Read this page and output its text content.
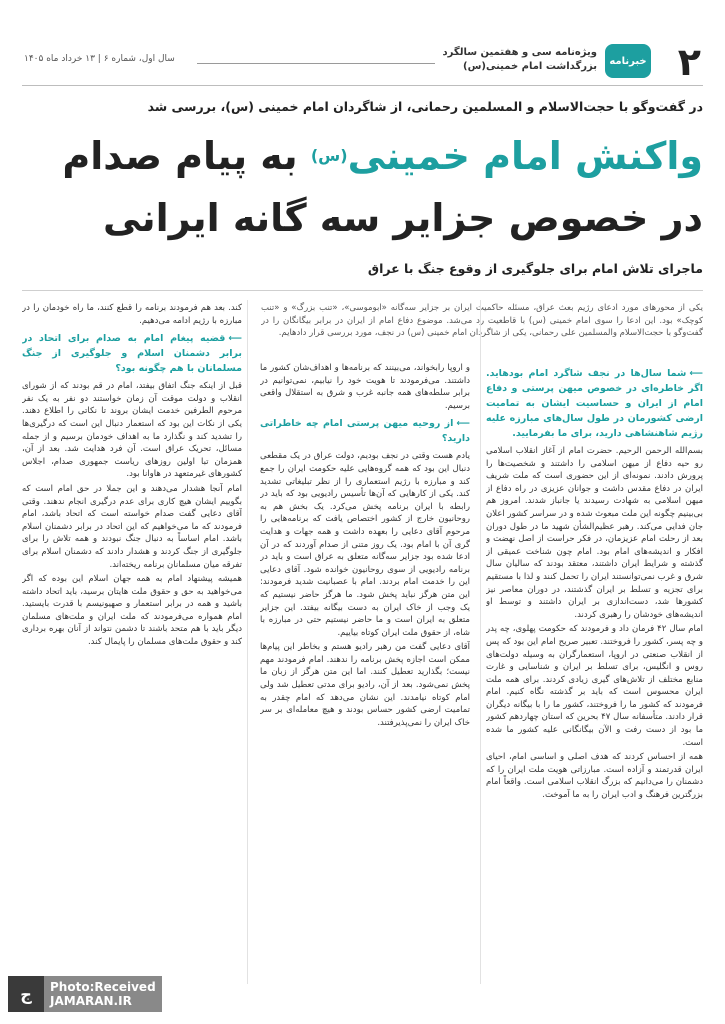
۲
خبرنامه
ویژه‌نامه سی و هفتمین سالگرد
بزرگداشت امام خمینی(س)
سال اول، شماره ۶ | ۱۳ خرداد ماه ۱۴۰۵
در گفت‌وگو با حجت‌الاسلام و المسلمین رحمانی، از شاگردان امام خمینی (س)، بررسی شد
واکنش امام خمینی$^{(س)}$ به پیام صدام
در خصوص جزایر سه گانه ایرانی
ماجرای تلاش امام برای جلوگیری از وقوع جنگ با عراق
یکی از محورهای مورد ادعای رژیم بعث عراق، مسئله حاکمیت ایران بر جزایر سه‌گانه «ابوموسی»، «تنب بزرگ» و «تنب کوچک» بود. این ادعا را سوی امام خمینی (س) با قاطعیت رد می‌شد. موضوع دفاع امام از ایران در برابر بیگانگان را در گفت‌وگو با حجت‌الاسلام والمسلمین علی رحمانی، یکی از شاگردان امام خمینی (س) در نجف، مورد بررسی قرار دادهایم.
⟵شما سال‌ها در نجف شاگرد امام بودهاید. اگر خاطره‌ای در خصوص میهن پرستی و دفاع امام از ایران و حساسیت ایشان به تمامیت ارضی کشورمان در طول سال‌های مبارزه علیه رژیم شاهنشاهی دارید، برای ما بفرمایید.

بسم‌الله الرحمن الرحیم. حضرت امام از آغاز انقلاب اسلامی رو حیه دفاع از میهن اسلامی را داشتند و شخصیت‌ها را پرورش دادند. نمونه‌ای از این حضوری است که ملت شریف ایران در دفاع مقدس داشت و جوانان عزیزی در راه دفاع از میهن اسلامی به شهادت رسیدند یا جانباز شدند. امروز هم بی‌بینیم چگونه این ملت مبعوث شده و در سراسر کشور اعلان جان فدایی می‌کند. رهبر عظیم‌الشأن شهید ما در طول دوران بعد از رحلت امام عزیزمان، در فکر حراست از اصل نهضت و افکار و اندیشه‌های امام بود. امام چون شناخت عمیقی از گذشته و شرایط ایران داشتند، معتقد بودند که سالیان سال شرق و غرب نمی‌توانستند ایران را تحمل کنند و لذا با مستقیم برای تجزیه و تسلط بر ایران گذشتند، در دوران معاصر نیز کشورها شد، دست‌اندازی بر ایران داشتند و توسط او اندیشه‌های خودشان را رهبری کردند.

امام سال ۴۲ فرمان داد و فرمودند که حکومت پهلوی، چه پدر و چه پسر، کشور را فروختند. تعبیر صریح امام این بود که پس از انقلاب صنعتی در اروپا، استعمارگران به وسیله دولت‌های روس و انگلیس، برای تسلط بر ایران و شناسایی و غارت منابع مختلف از تلاش‌های گیری زیادی کردند. برای همه ملت ایران محسوس است که باید بر گذشته نگاه کنیم. امام فرمودند که کشور ما را فروختند، کشور ما را با بیگانه دیگران قرار دادند. متأسفانه سال ۴۷ بحرین که استان چهاردهم کشور ما بود از دست رفت و الآن بیگانگانی علیه کشور ما شده است.

همه از احساس کردند که هدف اصلی و اساسی امام، احیای ایران قدرتمند و آزاده است. مبارزاتی هویت ملت ایران را که دشمنان را می‌دانیم که بزرگ انقلاب اسلامی است. واقعاً امام بزرگترین فرهنگ و ادب ایران را به ما آموخت.

و اروپا رابخواند، می‌بینند که برنامه‌ها و اهداف‌شان کشور ما داشتند. می‌فرمودند تا هویت خود را نیابیم، نمی‌توانیم در برابر سلطه‌های همه جانبه غرب و شرق به استقلال واقعی برسیم.

⟵از روحیه میهن پرستی امام چه خاطراتی دارید؟

یادم هست وقتی در نجف بودیم، دولت عراق در یک مقطعی دنبال این بود که همه گروه‌هایی علیه حکومت ایران را جمع کند و مبارزه با رژیم استعماری را از نظر تبلیغاتی تشدید کند. یکی از کارهایی که آن‌ها تأسیس رادیویی بود که باید در رابطه با ایران برنامه پخش می‌کرد. یک بخش هم به روحانیون خارج از کشور اختصاص یافت که برنامه‌هایی را مرحوم آقای دعایی را بعهده داشت و همه جهات و هدایت گری آن با امام بود. یک روز متنی از صدام آوردند که در آن ادعا شده بود جزایر سه‌گانه متعلق به عراق است و باید در برنامه رادیویی از سوی روحانیون خوانده شود. آقای دعایی این را خدمت امام بردند. امام با عصبانیت شدید فرمودند: این متن هرگز نباید پخش شود. ما هرگز حاضر نیستیم که یک وجب از خاک ایران به دست بیگانه بیفتد. این جزایر متعلق به ایران است و ما حاضر نیستیم حتی در مبارزه با شاه، از حقوق ملت ایران کوتاه بیاییم.

آقای دعایی گفت من رهبر رادیو هستم و بخاطر این پیام‌ها ممکن است اجازه پخش برنامه را ندهند. امام فرمودند مهم نیست؛ بگذارید تعطیل کنند. اما این متن هرگز از زبان ما پخش نمی‌شود. بعد از آن، رادیو برای مدتی تعطیل شد ولی امام کوتاه نیامدند. این نشان می‌دهد که امام چقدر به تمامیت ارضی کشور حساس بودند و هیچ معامله‌ای بر سر خاک ایران را نمی‌پذیرفتند.

کند. بعد هم فرمودند برنامه را قطع کنند، ما راه خودمان را در مبارزه با رژیم ادامه می‌دهیم.

⟵قضیه پیغام امام به صدام برای اتحاد در برابر دشمنان اسلام و جلوگیری از جنگ مسلمانان با هم چگونه بود؟

قبل از اینکه جنگ اتفاق بیفتد، امام در قم بودند که از شورای انقلاب و دولت موقت آن زمان خواستند دو نفر به یک نفر مرحوم الطرفین خدمت ایشان بروند تا نکاتی را اطلاع دهند. یکی از نکات این بود که استعمار دنبال این است که درگیری‌ها را تشدید کند و نگذارد ما به اهداف خودمان برسیم و از جمله مسائل، تحریک عراق است. آن فرد هدایت شد. بعد از آن، همزمان تبا اولین روزهای ریاست جمهوری صدام، اجلاس کشورهای غیرمتعهد در هاوانا بود.

امام آنجا هشدار می‌دهند و این جملا در حق امام است که بگوییم ایشان هیچ کاری برای عدم درگیری انجام ندهند. وقتی آقای دعایی گفت صدام خواسته است که اتحاد باشد، امام فرمودند که ما می‌خواهیم که این اتحاد در برابر دشمنان اسلام باشد. امام اساساً به دنبال جنگ نبودند و همه تلاش را برای جلوگیری از جنگ کردند و هشدار دادند که دشمنان اسلام برای تفرقه میان مسلمانان برنامه ریخته‌اند.

همیشه پیشنهاد امام به همه جهان اسلام این بوده که اگر می‌خواهید به حق و حقوق ملت هایتان برسید، باید اتحاد داشته باشید و همه در برابر استعمار و صهیونیسم با قدرت بایستید. امام همواره می‌فرمودند که ملت ایران و ملت‌های مسلمان دیگر باید با هم متحد باشند تا دشمن نتواند از آنان بهره برداری کند و حقوق ملت‌های مسلمان را پایمال کند.

ج	Photo:Received
JAMARAN.IR
